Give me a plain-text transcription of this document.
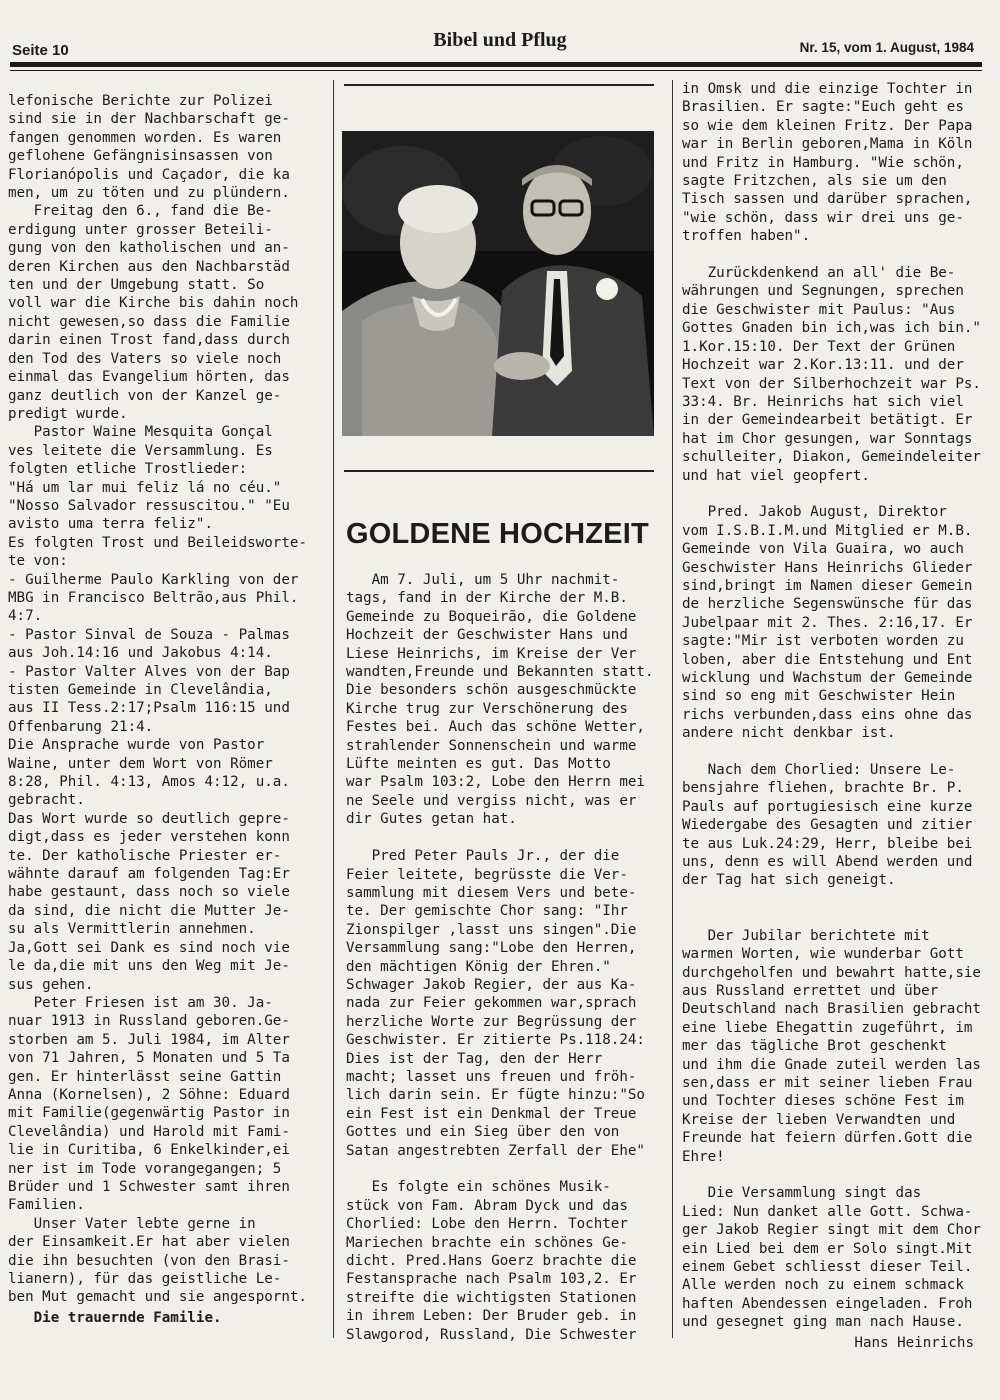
Seite 10	Bibel und Pflug	Nr. 15, vom 1. August, 1984
lefonische Berichte zur Polizei
sind sie in der Nachbarschaft ge-
fangen genommen worden. Es waren
geflohene Gefängnisinsassen von
Florianópolis und Caçador, die ka
men, um zu töten und zu plündern.
Freitag den 6., fand die Be-
erdigung unter grosser Beteili-
gung von den katholischen und an-
deren Kirchen aus den Nachbarstäd
ten und der Umgebung statt. So
voll war die Kirche bis dahin noch
nicht gewesen,so dass die Familie
darin einen Trost fand,dass durch
den Tod des Vaters so viele noch
einmal das Evangelium hörten, das
ganz deutlich von der Kanzel ge-
predigt wurde.
Pastor Waine Mesquita Gonçal
ves leitete die Versammlung. Es
folgten etliche Trostlieder:
"Há um lar mui feliz lá no céu."
"Nosso Salvador ressuscitou." "Eu
avisto uma terra feliz".
Es folgten Trost und Beileidsworte-
te von:
- Guilherme Paulo Karkling von der
MBG in Francisco Beltrão,aus Phil.
4:7.
- Pastor Sinval de Souza - Palmas
aus Joh.14:16 und Jakobus 4:14.
- Pastor Valter Alves von der Bap
tisten Gemeinde in Clevelândia,
aus II Tess.2:17;Psalm 116:15 und
Offenbarung 21:4.
Die Ansprache wurde von Pastor
Waine, unter dem Wort von Römer
8:28, Phil. 4:13, Amos 4:12, u.a.
gebracht.
Das Wort wurde so deutlich gepre-
digt,dass es jeder verstehen konn
te. Der katholische Priester er-
wähnte darauf am folgenden Tag:Er
habe gestaunt, dass noch so viele
da sind, die nicht die Mutter Je-
su als Vermittlerin annehmen.
Ja,Gott sei Dank es sind noch vie
le da,die mit uns den Weg mit Je-
sus gehen.
Peter Friesen ist am 30. Ja-
nuar 1913 in Russland geboren.Ge-
storben am 5. Juli 1984, im Alter
von 71 Jahren, 5 Monaten und 5 Ta
gen. Er hinterlässt seine Gattin
Anna (Kornelsen), 2 Söhne: Eduard
mit Familie(gegenwärtig Pastor in
Clevelândia) und Harold mit Fami-
lie in Curitiba, 6 Enkelkinder,ei
ner ist im Tode vorangegangen; 5
Brüder und 1 Schwester samt ihren
Familien.
Unser Vater lebte gerne in
der Einsamkeit.Er hat aber vielen
die ihn besuchten (von den Brasi-
lianern), für das geistliche Le-
ben Mut gemacht und sie angespornt.
Die trauernde Familie.
GOLDENE HOCHZEIT
Am 7. Juli, um 5 Uhr nachmit-
tags, fand in der Kirche der M.B.
Gemeinde zu Boqueirão, die Goldene
Hochzeit der Geschwister Hans und
Liese Heinrichs, im Kreise der Ver
wandten,Freunde und Bekannten statt.
Die besonders schön ausgeschmückte
Kirche trug zur Verschönerung des
Festes bei. Auch das schöne Wetter,
strahlender Sonnenschein und warme
Lüfte meinten es gut. Das Motto
war Psalm 103:2, Lobe den Herrn mei
ne Seele und vergiss nicht, was er
dir Gutes getan hat.

Pred Peter Pauls Jr., der die
Feier leitete, begrüsste die Ver-
sammlung mit diesem Vers und bete-
te. Der gemischte Chor sang: "Ihr
Zionspilger ,lasst uns singen".Die
Versammlung sang:"Lobe den Herren,
den mächtigen König der Ehren."
Schwager Jakob Regier, der aus Ka-
nada zur Feier gekommen war,sprach
herzliche Worte zur Begrüssung der
Geschwister. Er zitierte Ps.118.24:
Dies ist der Tag, den der Herr
macht; lasset uns freuen und fröh-
lich darin sein. Er fügte hinzu:"So
ein Fest ist ein Denkmal der Treue
Gottes und ein Sieg über den von
Satan angestrebten Zerfall der Ehe"

Es folgte ein schönes Musik-
stück von Fam. Abram Dyck und das
Chorlied: Lobe den Herrn. Tochter
Mariechen brachte ein schönes Ge-
dicht. Pred.Hans Goerz brachte die
Festansprache nach Psalm 103,2. Er
streifte die wichtigsten Stationen
in ihrem Leben: Der Bruder geb. in
Slawgorod, Russland, Die Schwester
in Omsk und die einzige Tochter in
Brasilien. Er sagte:"Euch geht es
so wie dem kleinen Fritz. Der Papa
war in Berlin geboren,Mama in Köln
und Fritz in Hamburg. "Wie schön,
sagte Fritzchen, als sie um den
Tisch sassen und darüber sprachen,
"wie schön, dass wir drei uns ge-
troffen haben".

Zurückdenkend an all' die Be-
währungen und Segnungen, sprechen
die Geschwister mit Paulus: "Aus
Gottes Gnaden bin ich,was ich bin."
1.Kor.15:10. Der Text der Grünen
Hochzeit war 2.Kor.13:11. und der
Text von der Silberhochzeit war Ps.
33:4. Br. Heinrichs hat sich viel
in der Gemeindearbeit betätigt. Er
hat im Chor gesungen, war Sonntags
schulleiter, Diakon, Gemeindeleiter
und hat viel geopfert.

Pred. Jakob August, Direktor
vom I.S.B.I.M.und Mitglied er M.B.
Gemeinde von Vila Guaira, wo auch
Geschwister Hans Heinrichs Glieder
sind,bringt im Namen dieser Gemein
de herzliche Segenswünsche für das
Jubelpaar mit 2. Thes. 2:16,17. Er
sagte:"Mir ist verboten worden zu
loben, aber die Entstehung und Ent
wicklung und Wachstum der Gemeinde
sind so eng mit Geschwister Hein
richs verbunden,dass eins ohne das
andere nicht denkbar ist.

Nach dem Chorlied: Unsere Le-
bensjahre fliehen, brachte Br. P.
Pauls auf portugiesisch eine kurze
Wiedergabe des Gesagten und zitier
te aus Luk.24:29, Herr, bleibe bei
uns, denn es will Abend werden und
der Tag hat sich geneigt.

Der Jubilar berichtete mit
warmen Worten, wie wunderbar Gott
durchgeholfen und bewahrt hatte,sie
aus Russland errettet und über
Deutschland nach Brasilien gebracht
eine liebe Ehegattin zugeführt, im
mer das tägliche Brot geschenkt
und ihm die Gnade zuteil werden las
sen,dass er mit seiner lieben Frau
und Tochter dieses schöne Fest im
Kreise der lieben Verwandten und
Freunde hat feiern dürfen.Gott die
Ehre!

Die Versammlung singt das
Lied: Nun danket alle Gott. Schwa-
ger Jakob Regier singt mit dem Chor
ein Lied bei dem er Solo singt.Mit
einem Gebet schliesst dieser Teil.
Alle werden noch zu einem schmack
haften Abendessen eingeladen. Froh
und gesegnet ging man nach Hause.
Hans Heinrichs
